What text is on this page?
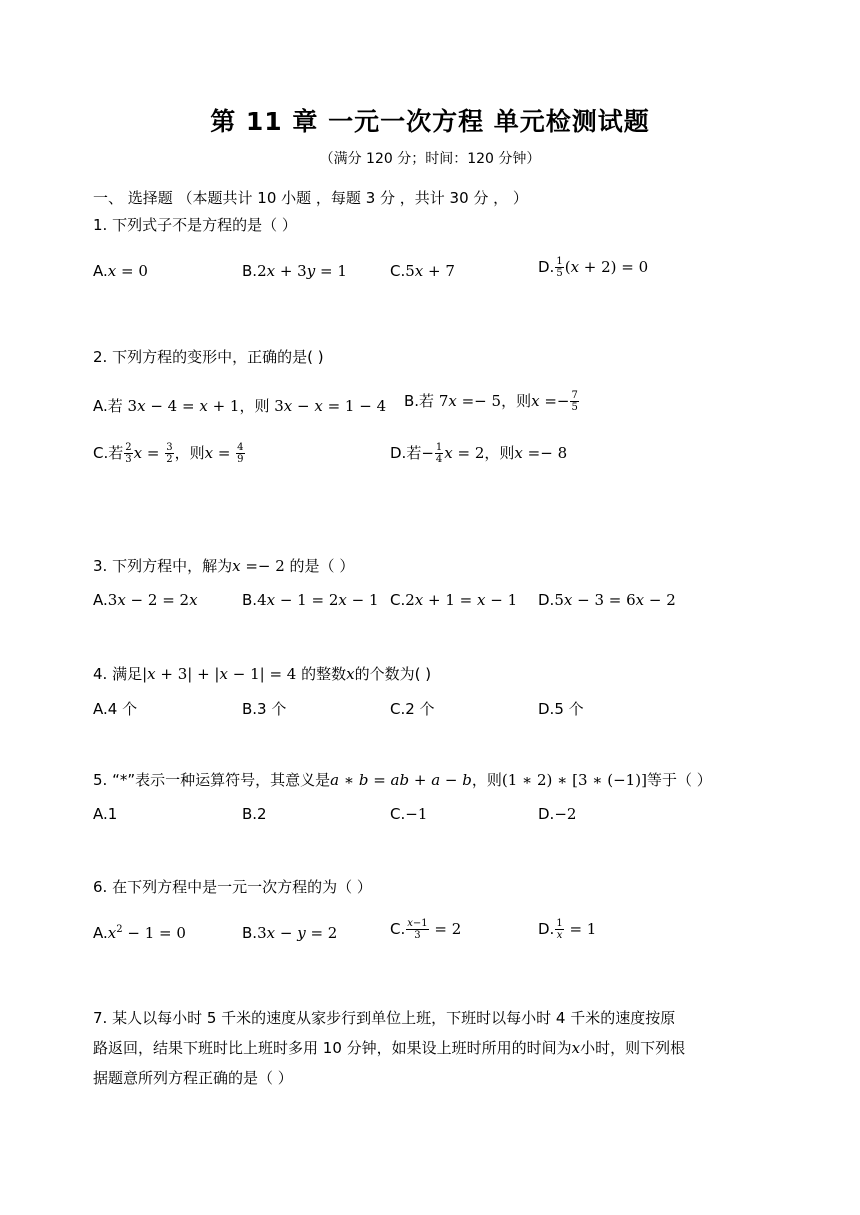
第 11 章 一元一次方程 单元检测试题
（满分 120 分；时间：120 分钟）
一、 选择题 （本题共计 10 小题 ，每题 3 分 ，共计 30 分 ， ）
1. 下列式子不是方程的是（ ）
A.x = 0	B.2x + 3y = 1	C.5x + 7	D. $\frac{1}{5} (x + 2) = 0$
2. 下列方程的变形中，正确的是( )
A.若 3x − 4 = x + 1，则 3x − x = 1 − 4 B.若 7x =− 5，则$x =- \frac{7}{5}$
C.若 $\frac{2}{3}$ $x = \frac{3}{2}$ ，则$x = \frac{4}{9}$	D.若− $\frac{1}{4}$ x = 2，则x =− 8
3. 下列方程中，解为x =− 2 的是（ ）
A.3x − 2 = 2x	B.4x − 1 = 2x − 1 C.2x + 1 = x − 1 D.5x − 3 = 6x − 2
4. 满足|x + 3| + |x − 1| = 4 的整数x的个数为( )
A.4 个	B.3 个	C.2 个	D.5 个
5. “*”表示一种运算符号，其意义是a ∗ b = ab + a − b，则(1 ∗ 2) ∗ [3 ∗ (−1)]等于（ ）
A.1	B.2	C.−1	D.−2
6. 在下列方程中是一元一次方程的为（ ）
$A.x^2 - 1 = 0$	B.3x − y = 2	C. $\frac{x-1}{3} = 2$	D. $\frac{1}{x} = 1$
7. 某人以每小时 5 千米的速度从家步行到单位上班，下班时以每小时 4 千米的速度按原
路返回，结果下班时比上班时多用 10 分钟，如果设上班时所用的时间为x小时，则下列根
据题意所列方程正确的是（ ）
